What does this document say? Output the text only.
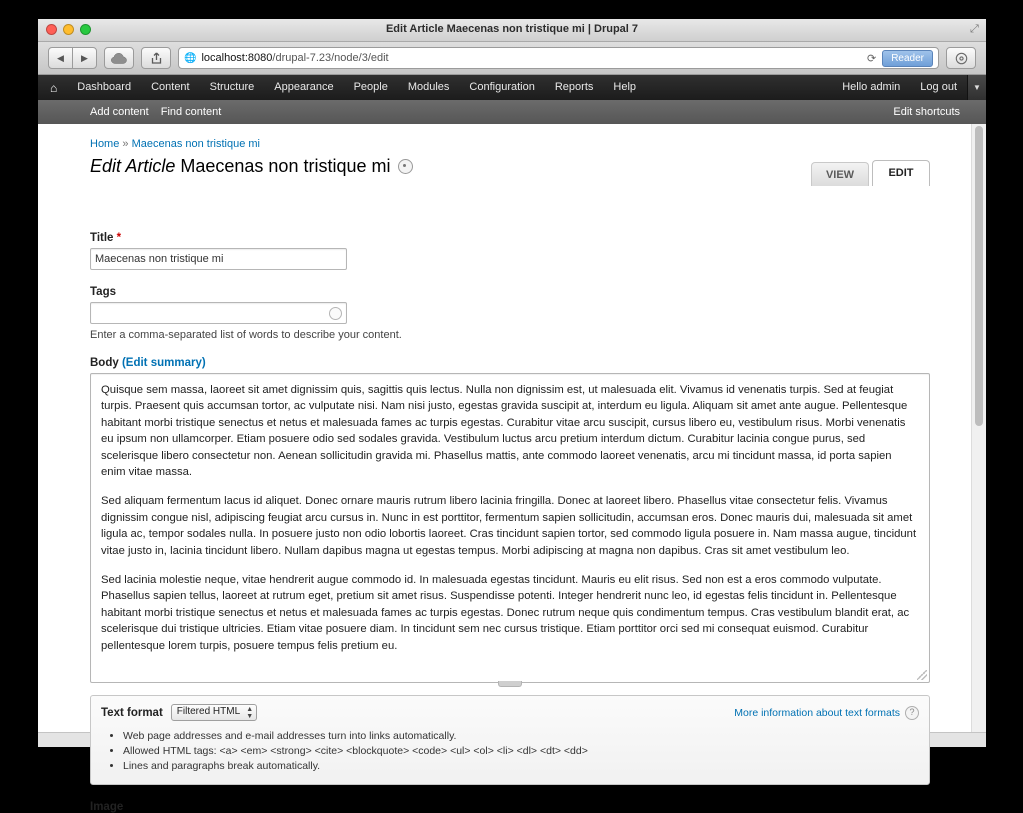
Edit Article Maecenas non tristique mi | Drupal 7	⤢
◀	▶	🌐 localhost:8080/drupal-7.23/node/3/edit	⟳	Reader
⌂	Dashboard	Content	Structure	Appearance	People	Modules	Configuration	Reports	Help	Hello admin	Log out	▼
Add content	Find content	Edit shortcuts
Home » Maecenas non tristique mi
Edit Article Maecenas non tristique mi	VIEW	EDIT
Title *
Maecenas non tristique mi
Tags
Enter a comma-separated list of words to describe your content.
Body (Edit summary)

Quisque sem massa, laoreet sit amet dignissim quis, sagittis quis lectus. Nulla non dignissim est, ut malesuada elit. Vivamus id venenatis turpis. Sed at feugiat turpis. Praesent quis accumsan tortor, ac vulputate nisi. Nam nisi justo, egestas gravida suscipit at, interdum eu ligula. Aliquam sit amet ante augue. Pellentesque habitant morbi tristique senectus et netus et malesuada fames ac turpis egestas. Curabitur vitae arcu suscipit, cursus libero eu, vestibulum risus. Morbi venenatis eu ipsum non ullamcorper. Etiam posuere odio sed sodales gravida. Vestibulum luctus arcu pretium interdum dictum. Curabitur lacinia congue purus, sed scelerisque libero consectetur non. Aenean sollicitudin gravida mi. Phasellus mattis, ante commodo laoreet venenatis, arcu mi tincidunt massa, id porta sapien enim vitae massa.

Sed aliquam fermentum lacus id aliquet. Donec ornare mauris rutrum libero lacinia fringilla. Donec at laoreet libero. Phasellus vitae consectetur felis. Vivamus dignissim congue nisl, adipiscing feugiat arcu cursus in. Nunc in est porttitor, fermentum sapien sollicitudin, accumsan eros. Donec mauris dui, malesuada sit amet ligula ac, tempor sodales nulla. In posuere justo non odio lobortis laoreet. Cras tincidunt sapien tortor, sed commodo ligula posuere in. Nam massa augue, tincidunt vitae justo in, lacinia tincidunt libero. Nullam dapibus magna ut egestas tempus. Morbi adipiscing at magna non dapibus. Cras sit amet vestibulum leo.

Sed lacinia molestie neque, vitae hendrerit augue commodo id. In malesuada egestas tincidunt. Mauris eu elit risus. Sed non est a eros commodo vulputate. Phasellus sapien tellus, laoreet at rutrum eget, pretium sit amet risus. Suspendisse potenti. Integer hendrerit nunc leo, id egestas felis tincidunt in. Pellentesque habitant morbi tristique senectus et netus et malesuada fames ac turpis egestas. Donec rutrum neque quis condimentum tempus. Cras vestibulum blandit erat, ac scelerisque dui tristique ultricies. Etiam vitae posuere diam. In tincidunt sem nec cursus tristique. Etiam porttitor orci sed mi consequat euismod. Curabitur pellentesque lorem turpis, posuere tempus felis pretium eu.

Text format	Filtered HTML ▲
▼	More information about text formats	?
• Web page addresses and e-mail addresses turn into links automatically.
• Allowed HTML tags: <a> <em> <strong> <cite> <blockquote> <code> <ul> <ol> <li> <dl> <dt> <dd>
• Lines and paragraphs break automatically.
Image
